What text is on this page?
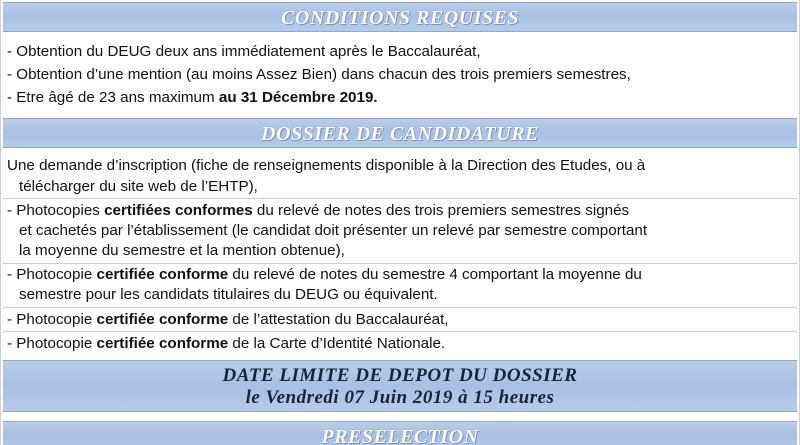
CONDITIONS REQUISES
- Obtention du DEUG deux ans immédiatement après le Baccalauréat,
- Obtention d’une mention (au moins Assez Bien) dans chacun des trois premiers semestres,
- Etre âgé de 23 ans maximum au 31 Décembre 2019.
DOSSIER DE CANDIDATURE
Une demande d’inscription (fiche de renseignements disponible à la Direction des Etudes, ou à
télécharger du site web de l’EHTP),
- Photocopies certifiées conformes du relevé de notes des trois premiers semestres signés
et cachetés par l’établissement (le candidat doit présenter un relevé par semestre comportant
la moyenne du semestre et la mention obtenue),
- Photocopie certifiée conforme du relevé de notes du semestre 4 comportant la moyenne du
semestre pour les candidats titulaires du DEUG ou équivalent.
- Photocopie certifiée conforme de l’attestation du Baccalauréat,
- Photocopie certifiée conforme de la Carte d’Identité Nationale.
DATE LIMITE DE DEPOT DU DOSSIER
le Vendredi 07 Juin 2019 à 15 heures
PRESELECTION
